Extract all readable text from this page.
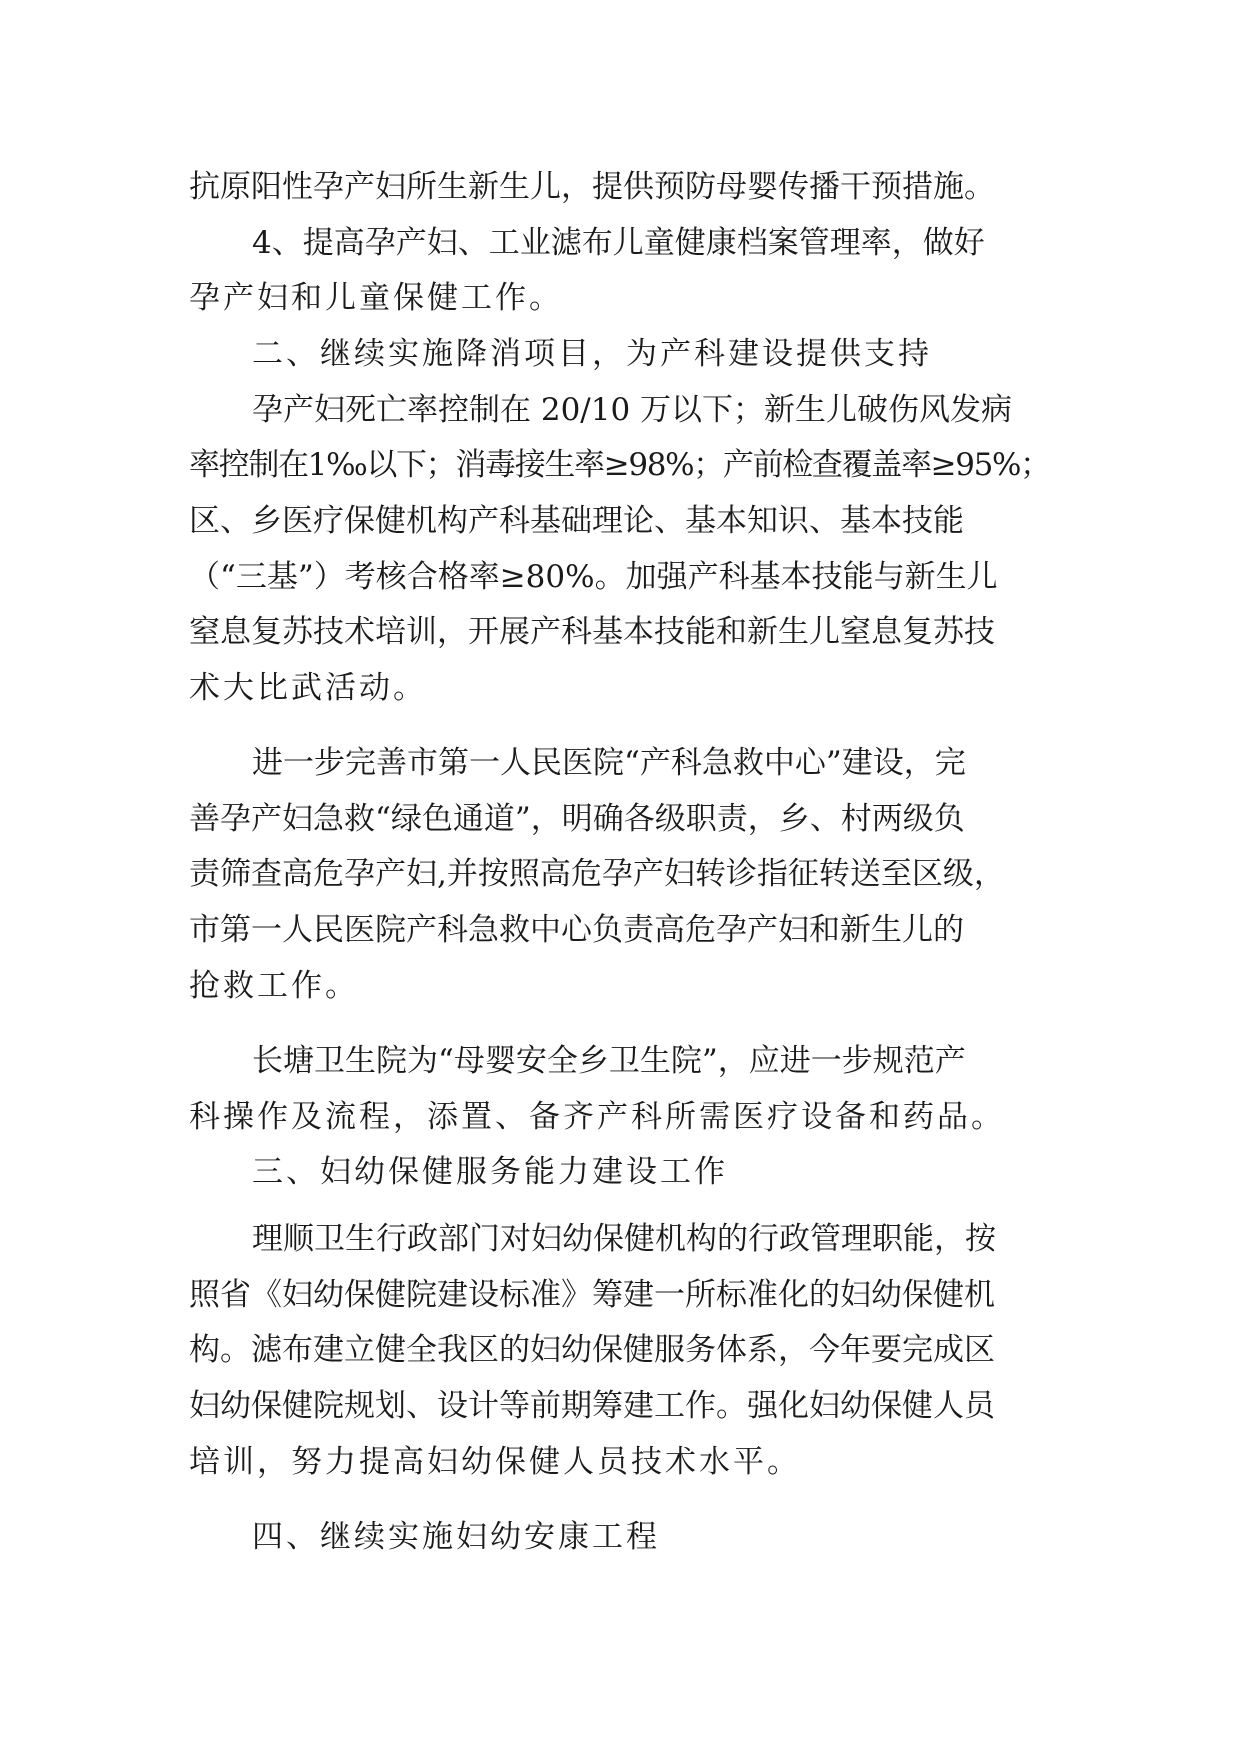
抗原阳性孕产妇所生新生儿，提供预防母婴传播干预措施。
4、提高孕产妇、工业滤布儿童健康档案管理率，做好
孕产妇和儿童保健工作。
二、继续实施降消项目，为产科建设提供支持
孕产妇死亡率控制在 20/10 万以下；新生儿破伤风发病
率控制在1‰以下；消毒接生率≥98%；产前检查覆盖率≥95%；
区、乡医疗保健机构产科基础理论、基本知识、基本技能
（“三基”）考核合格率≥80%。加强产科基本技能与新生儿
窒息复苏技术培训，开展产科基本技能和新生儿窒息复苏技
术大比武活动。
进一步完善市第一人民医院“产科急救中心”建设，完
善孕产妇急救“绿色通道”，明确各级职责，乡、村两级负
责筛查高危孕产妇,并按照高危孕产妇转诊指征转送至区级，
市第一人民医院产科急救中心负责高危孕产妇和新生儿的
抢救工作。
长塘卫生院为“母婴安全乡卫生院”，应进一步规范产
科操作及流程，添置、备齐产科所需医疗设备和药品。
三、妇幼保健服务能力建设工作
理顺卫生行政部门对妇幼保健机构的行政管理职能，按
照省《妇幼保健院建设标准》筹建一所标准化的妇幼保健机
构。滤布建立健全我区的妇幼保健服务体系，今年要完成区
妇幼保健院规划、设计等前期筹建工作。强化妇幼保健人员
培训，努力提高妇幼保健人员技术水平。
四、继续实施妇幼安康工程
